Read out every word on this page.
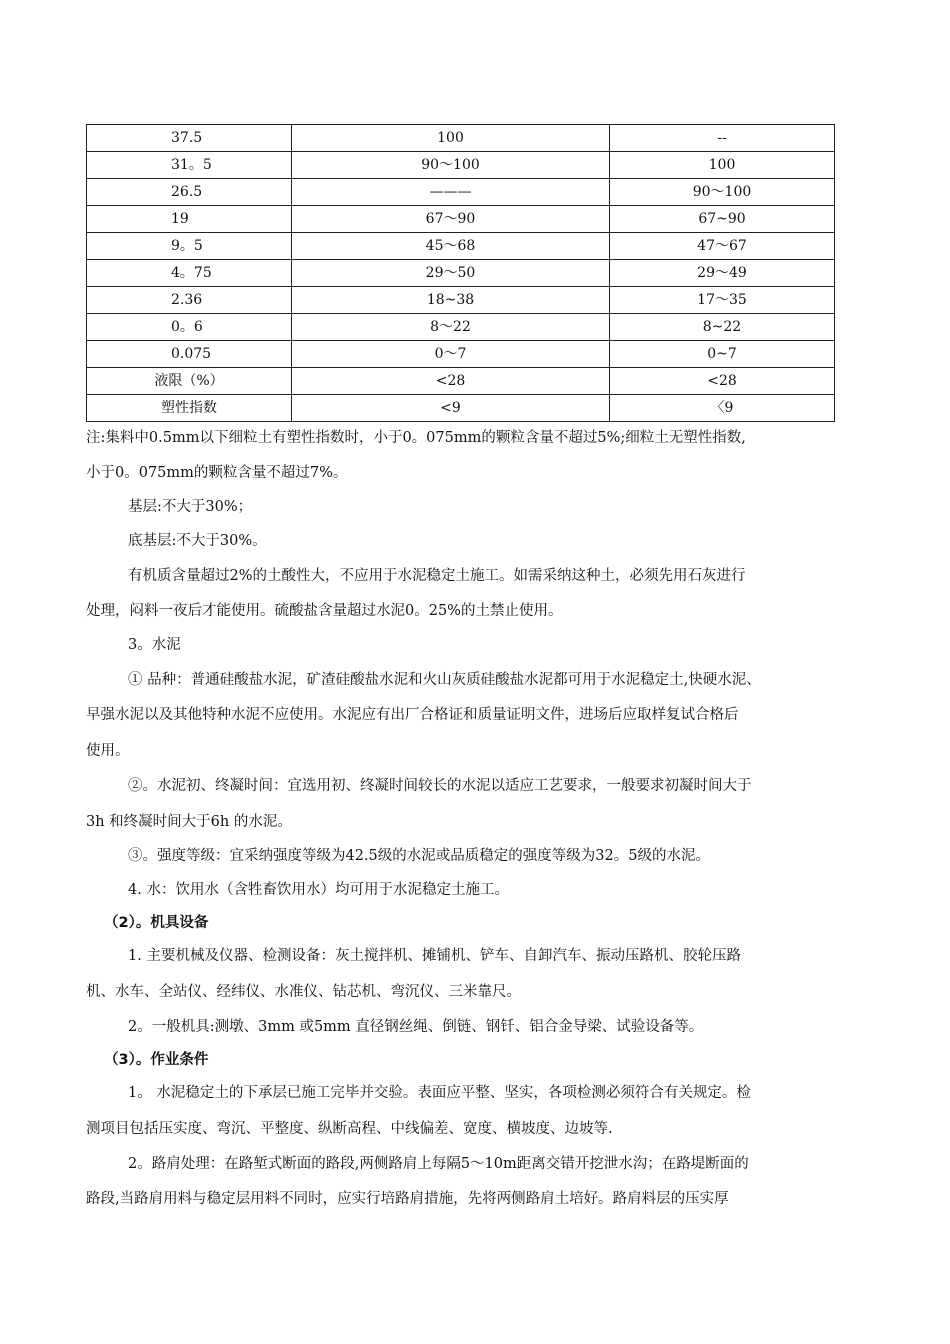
37.5	100	--
31。5	90～100	100
26.5	———	90～100
19	67～90	67~90
9。5	45～68	47～67
4。75	29～50	29～49
2.36	18~38	17～35
0。6	8～22	8~22
0.075	0～7	0~7
液限（%）	<28	<28
塑性指数	<9	〈9
注:集料中0.5mm以下细粒土有塑性指数时，小于0。075mm的颗粒含量不超过5%;细粒土无塑性指数,
小于0。075mm的颗粒含量不超过7%。
基层:不大于30%；
底基层:不大于30%。
有机质含量超过2%的土酸性大，不应用于水泥稳定土施工。如需采纳这种土，必须先用石灰进行
处理，闷料一夜后才能使用。硫酸盐含量超过水泥0。25%的土禁止使用。
3。水泥
① 品种：普通硅酸盐水泥，矿渣硅酸盐水泥和火山灰质硅酸盐水泥都可用于水泥稳定土,快硬水泥、
早强水泥以及其他特种水泥不应使用。水泥应有出厂合格证和质量证明文件，进场后应取样复试合格后
使用。
②。水泥初、终凝时间：宜选用初、终凝时间较长的水泥以适应工艺要求，一般要求初凝时间大于
3h 和终凝时间大于6h 的水泥。
③。强度等级：宜采纳强度等级为42.5级的水泥或品质稳定的强度等级为32。5级的水泥。
4. 水：饮用水（含牲畜饮用水）均可用于水泥稳定土施工。
（2）。机具设备
1. 主要机械及仪器、检测设备：灰土搅拌机、摊铺机、铲车、自卸汽车、振动压路机、胶轮压路
机、水车、全站仪、经纬仪、水准仪、钻芯机、弯沉仪、三米靠尺。
2。一般机具:测墩、3mm 或5mm 直径钢丝绳、倒链、钢钎、铝合金导梁、试验设备等。
（3）。作业条件
1。 水泥稳定土的下承层已施工完毕并交验。表面应平整、坚实，各项检测必须符合有关规定。检
测项目包括压实度、弯沉、平整度、纵断高程、中线偏差、宽度、横坡度、边坡等.
2。路肩处理：在路堑式断面的路段,两侧路肩上每隔5～10m距离交错开挖泄水沟；在路堤断面的
路段,当路肩用料与稳定层用料不同时，应实行培路肩措施，先将两侧路肩土培好。路肩料层的压实厚
